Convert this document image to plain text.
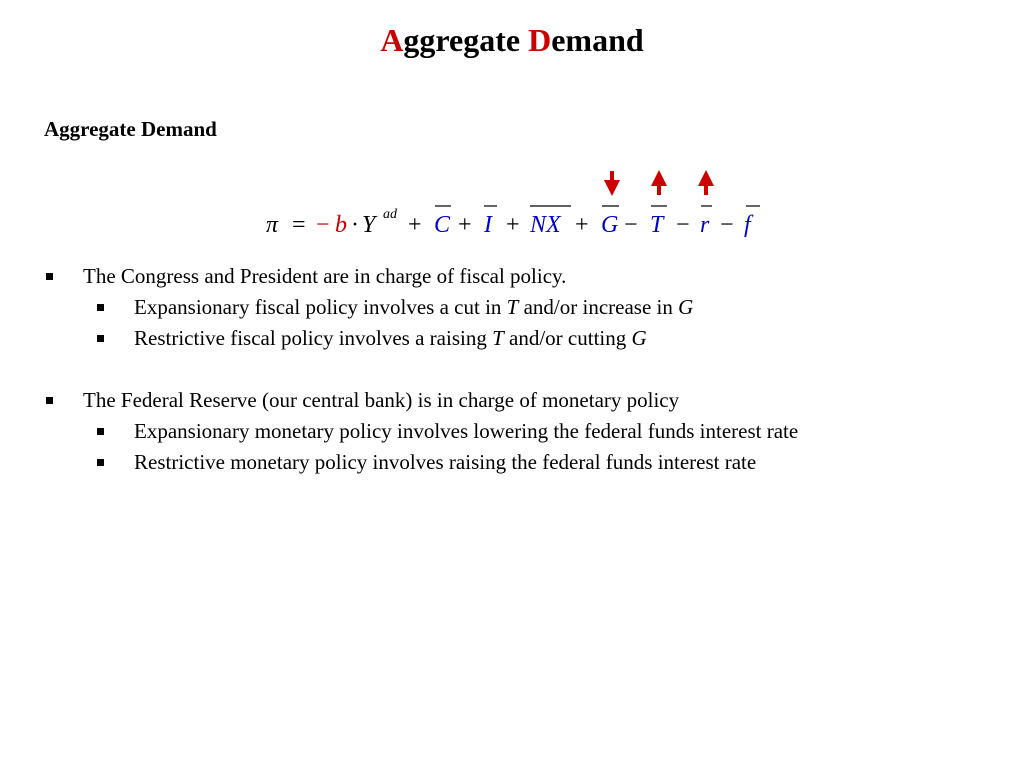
Aggregate Demand
Aggregate Demand
π = − b · Y ad + C + I + NX + G − T − r − f
The Congress and President are in charge of fiscal policy.
Expansionary fiscal policy involves a cut in T and/or increase in G
Restrictive fiscal policy involves a raising T and/or cutting G
The Federal Reserve (our central bank) is in charge of monetary policy
Expansionary monetary policy involves lowering the federal funds interest rate
Restrictive monetary policy involves raising the federal funds interest rate
